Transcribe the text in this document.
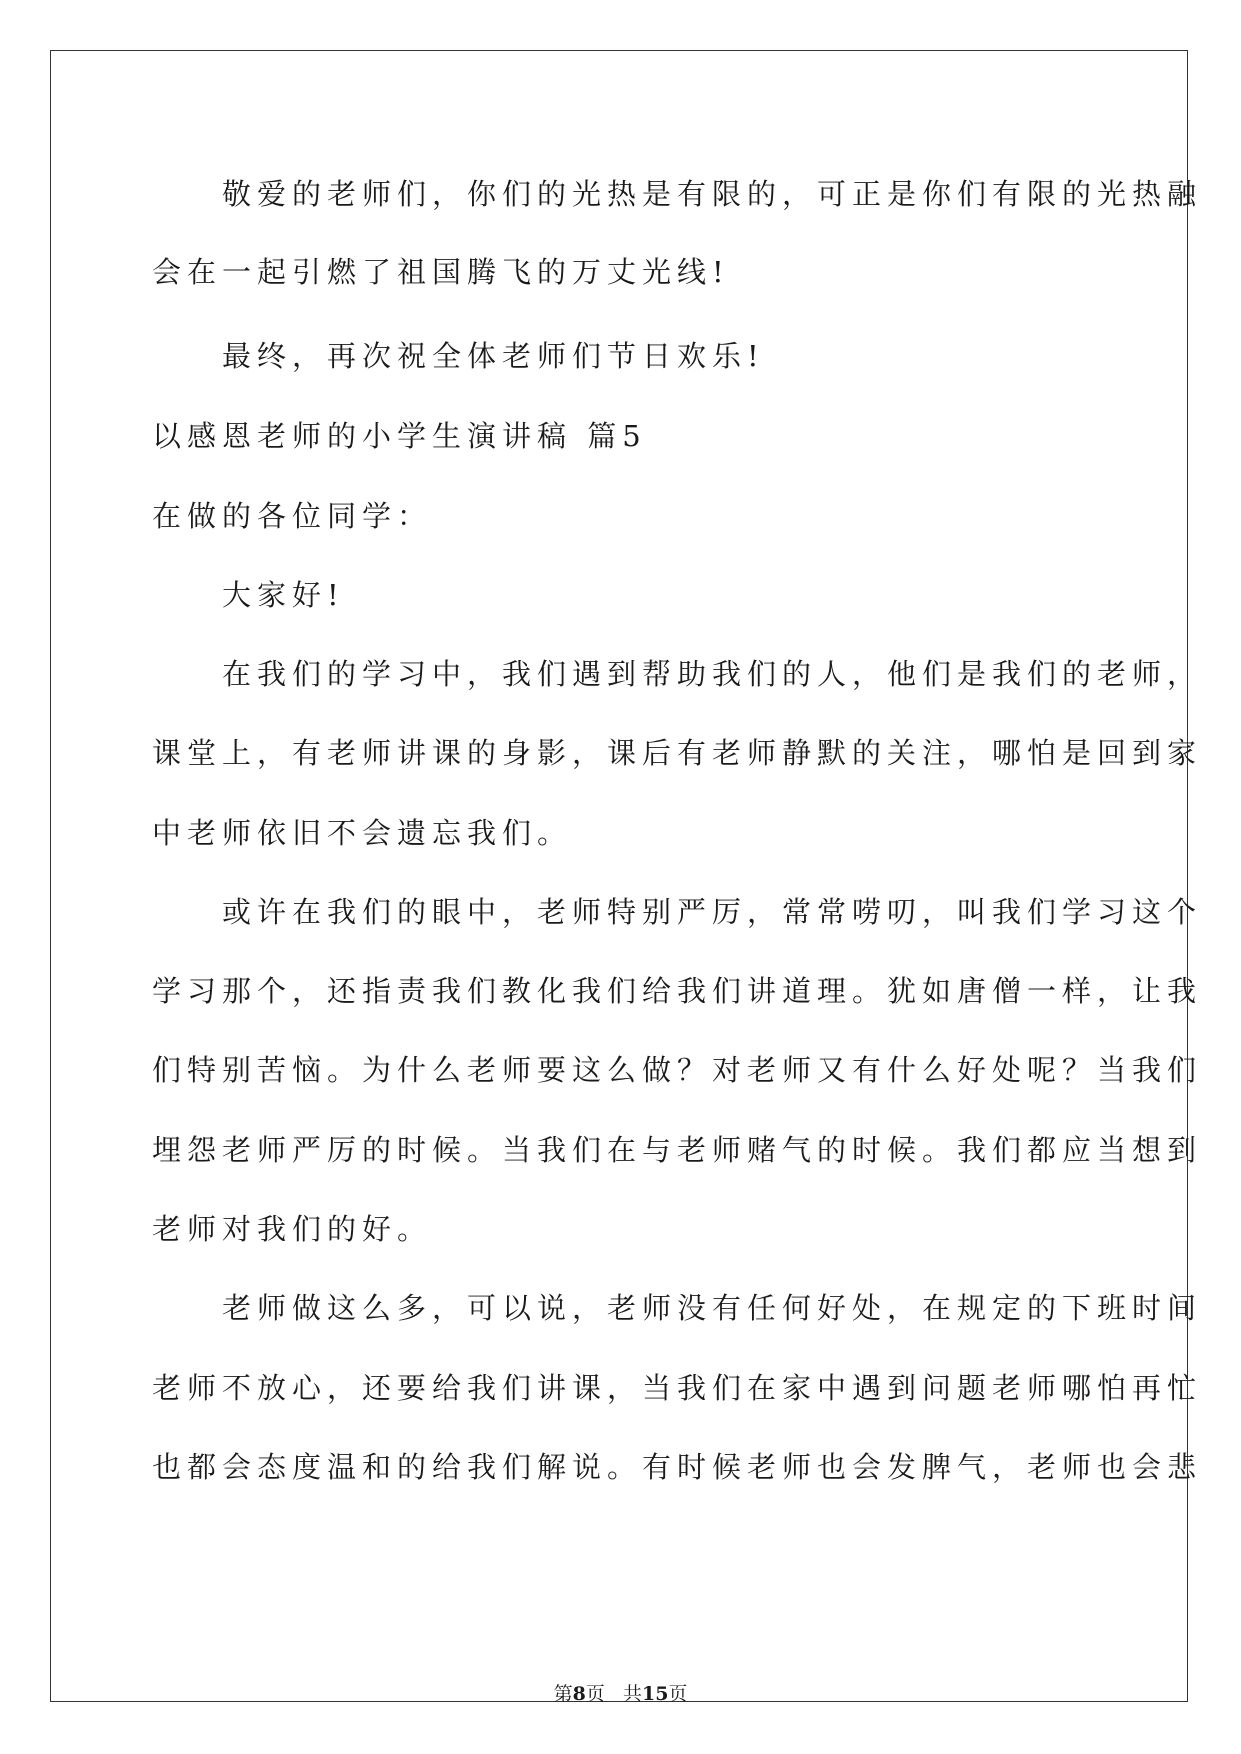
　　敬爱的老师们，你们的光热是有限的，可正是你们有限的光热融
会在一起引燃了祖国腾飞的万丈光线!
　　最终，再次祝全体老师们节日欢乐!
以感恩老师的小学生演讲稿 篇5
在做的各位同学：
　　大家好!
　　在我们的学习中，我们遇到帮助我们的人，他们是我们的老师，
课堂上，有老师讲课的身影，课后有老师静默的关注，哪怕是回到家
中老师依旧不会遗忘我们。
　　或许在我们的眼中，老师特别严厉，常常唠叨，叫我们学习这个
学习那个，还指责我们教化我们给我们讲道理。犹如唐僧一样，让我
们特别苦恼。为什么老师要这么做？对老师又有什么好处呢？当我们
埋怨老师严厉的时候。当我们在与老师赌气的时候。我们都应当想到
老师对我们的好。
　　老师做这么多，可以说，老师没有任何好处，在规定的下班时间
老师不放心，还要给我们讲课，当我们在家中遇到问题老师哪怕再忙
也都会态度温和的给我们解说。有时候老师也会发脾气，老师也会悲
第8页 共15页
